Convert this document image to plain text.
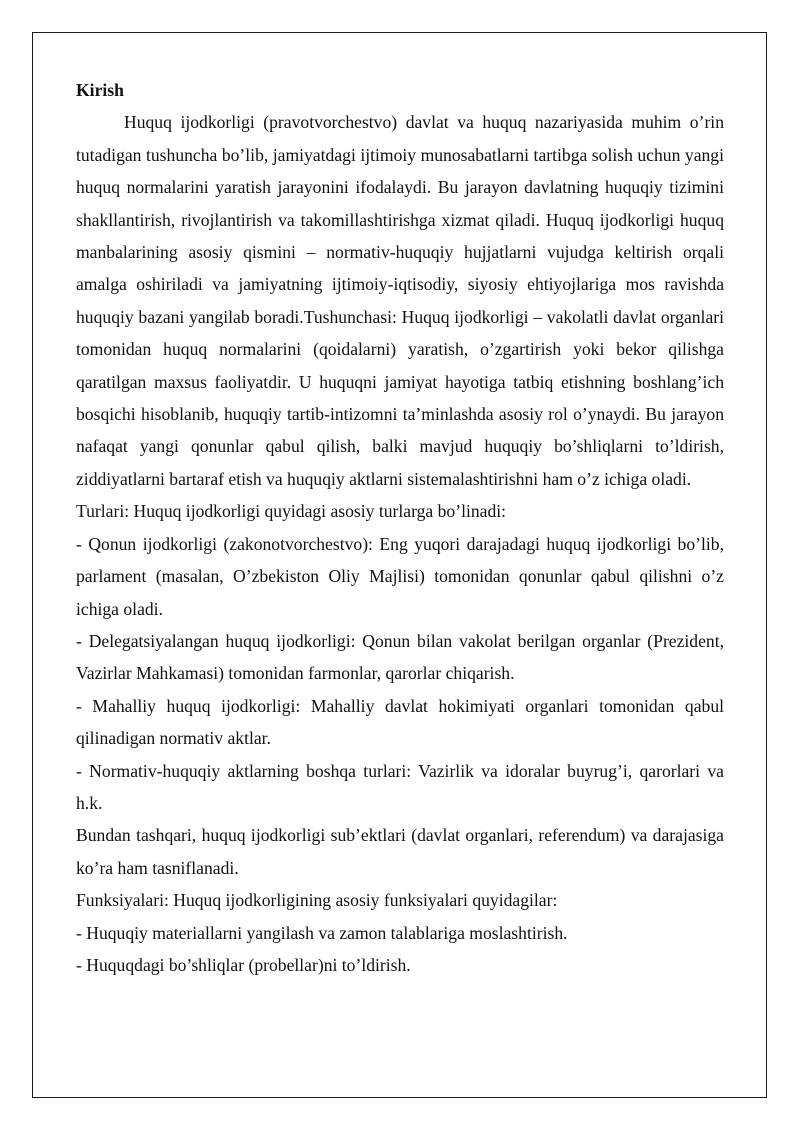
Kirish

Huquq ijodkorligi (pravotvorchestvo) davlat va huquq nazariyasida muhim o’rin tutadigan tushuncha bo’lib, jamiyatdagi ijtimoiy munosabatlarni tartibga solish uchun yangi huquq normalarini yaratish jarayonini ifodalaydi. Bu jarayon davlatning huquqiy tizimini shakllantirish, rivojlantirish va takomillashtirishga xizmat qiladi. Huquq ijodkorligi huquq manbalarining asosiy qismini – normativ-huquqiy hujjatlarni vujudga keltirish orqali amalga oshiriladi va jamiyatning ijtimoiy-iqtisodiy, siyosiy ehtiyojlariga mos ravishda huquqiy bazani yangilab boradi.Tushunchasi: Huquq ijodkorligi – vakolatli davlat organlari tomonidan huquq normalarini (qoidalarni) yaratish, o’zgartirish yoki bekor qilishga qaratilgan maxsus faoliyatdir. U huquqni jamiyat hayotiga tatbiq etishning boshlang’ich bosqichi hisoblanib, huquqiy tartib-intizomni ta’minlashda asosiy rol o’ynaydi. Bu jarayon nafaqat yangi qonunlar qabul qilish, balki mavjud huquqiy bo’shliqlarni to’ldirish, ziddiyatlarni bartaraf etish va huquqiy aktlarni sistemalashtirishni ham o’z ichiga oladi.

Turlari: Huquq ijodkorligi quyidagi asosiy turlarga bo’linadi:

- Qonun ijodkorligi (zakonotvorchestvo): Eng yuqori darajadagi huquq ijodkorligi bo’lib, parlament (masalan, O’zbekiston Oliy Majlisi) tomonidan qonunlar qabul qilishni o’z ichiga oladi.

- Delegatsiyalangan huquq ijodkorligi: Qonun bilan vakolat berilgan organlar (Prezident, Vazirlar Mahkamasi) tomonidan farmonlar, qarorlar chiqarish.

- Mahalliy huquq ijodkorligi: Mahalliy davlat hokimiyati organlari tomonidan qabul qilinadigan normativ aktlar.

- Normativ-huquqiy aktlarning boshqa turlari: Vazirlik va idoralar buyrug’i, qarorlari va h.k.

Bundan tashqari, huquq ijodkorligi sub’ektlari (davlat organlari, referendum) va darajasiga ko’ra ham tasniflanadi.

Funksiyalari: Huquq ijodkorligining asosiy funksiyalari quyidagilar:

- Huquqiy materiallarni yangilash va zamon talablariga moslashtirish.

- Huquqdagi bo’shliqlar (probellar)ni to’ldirish.
